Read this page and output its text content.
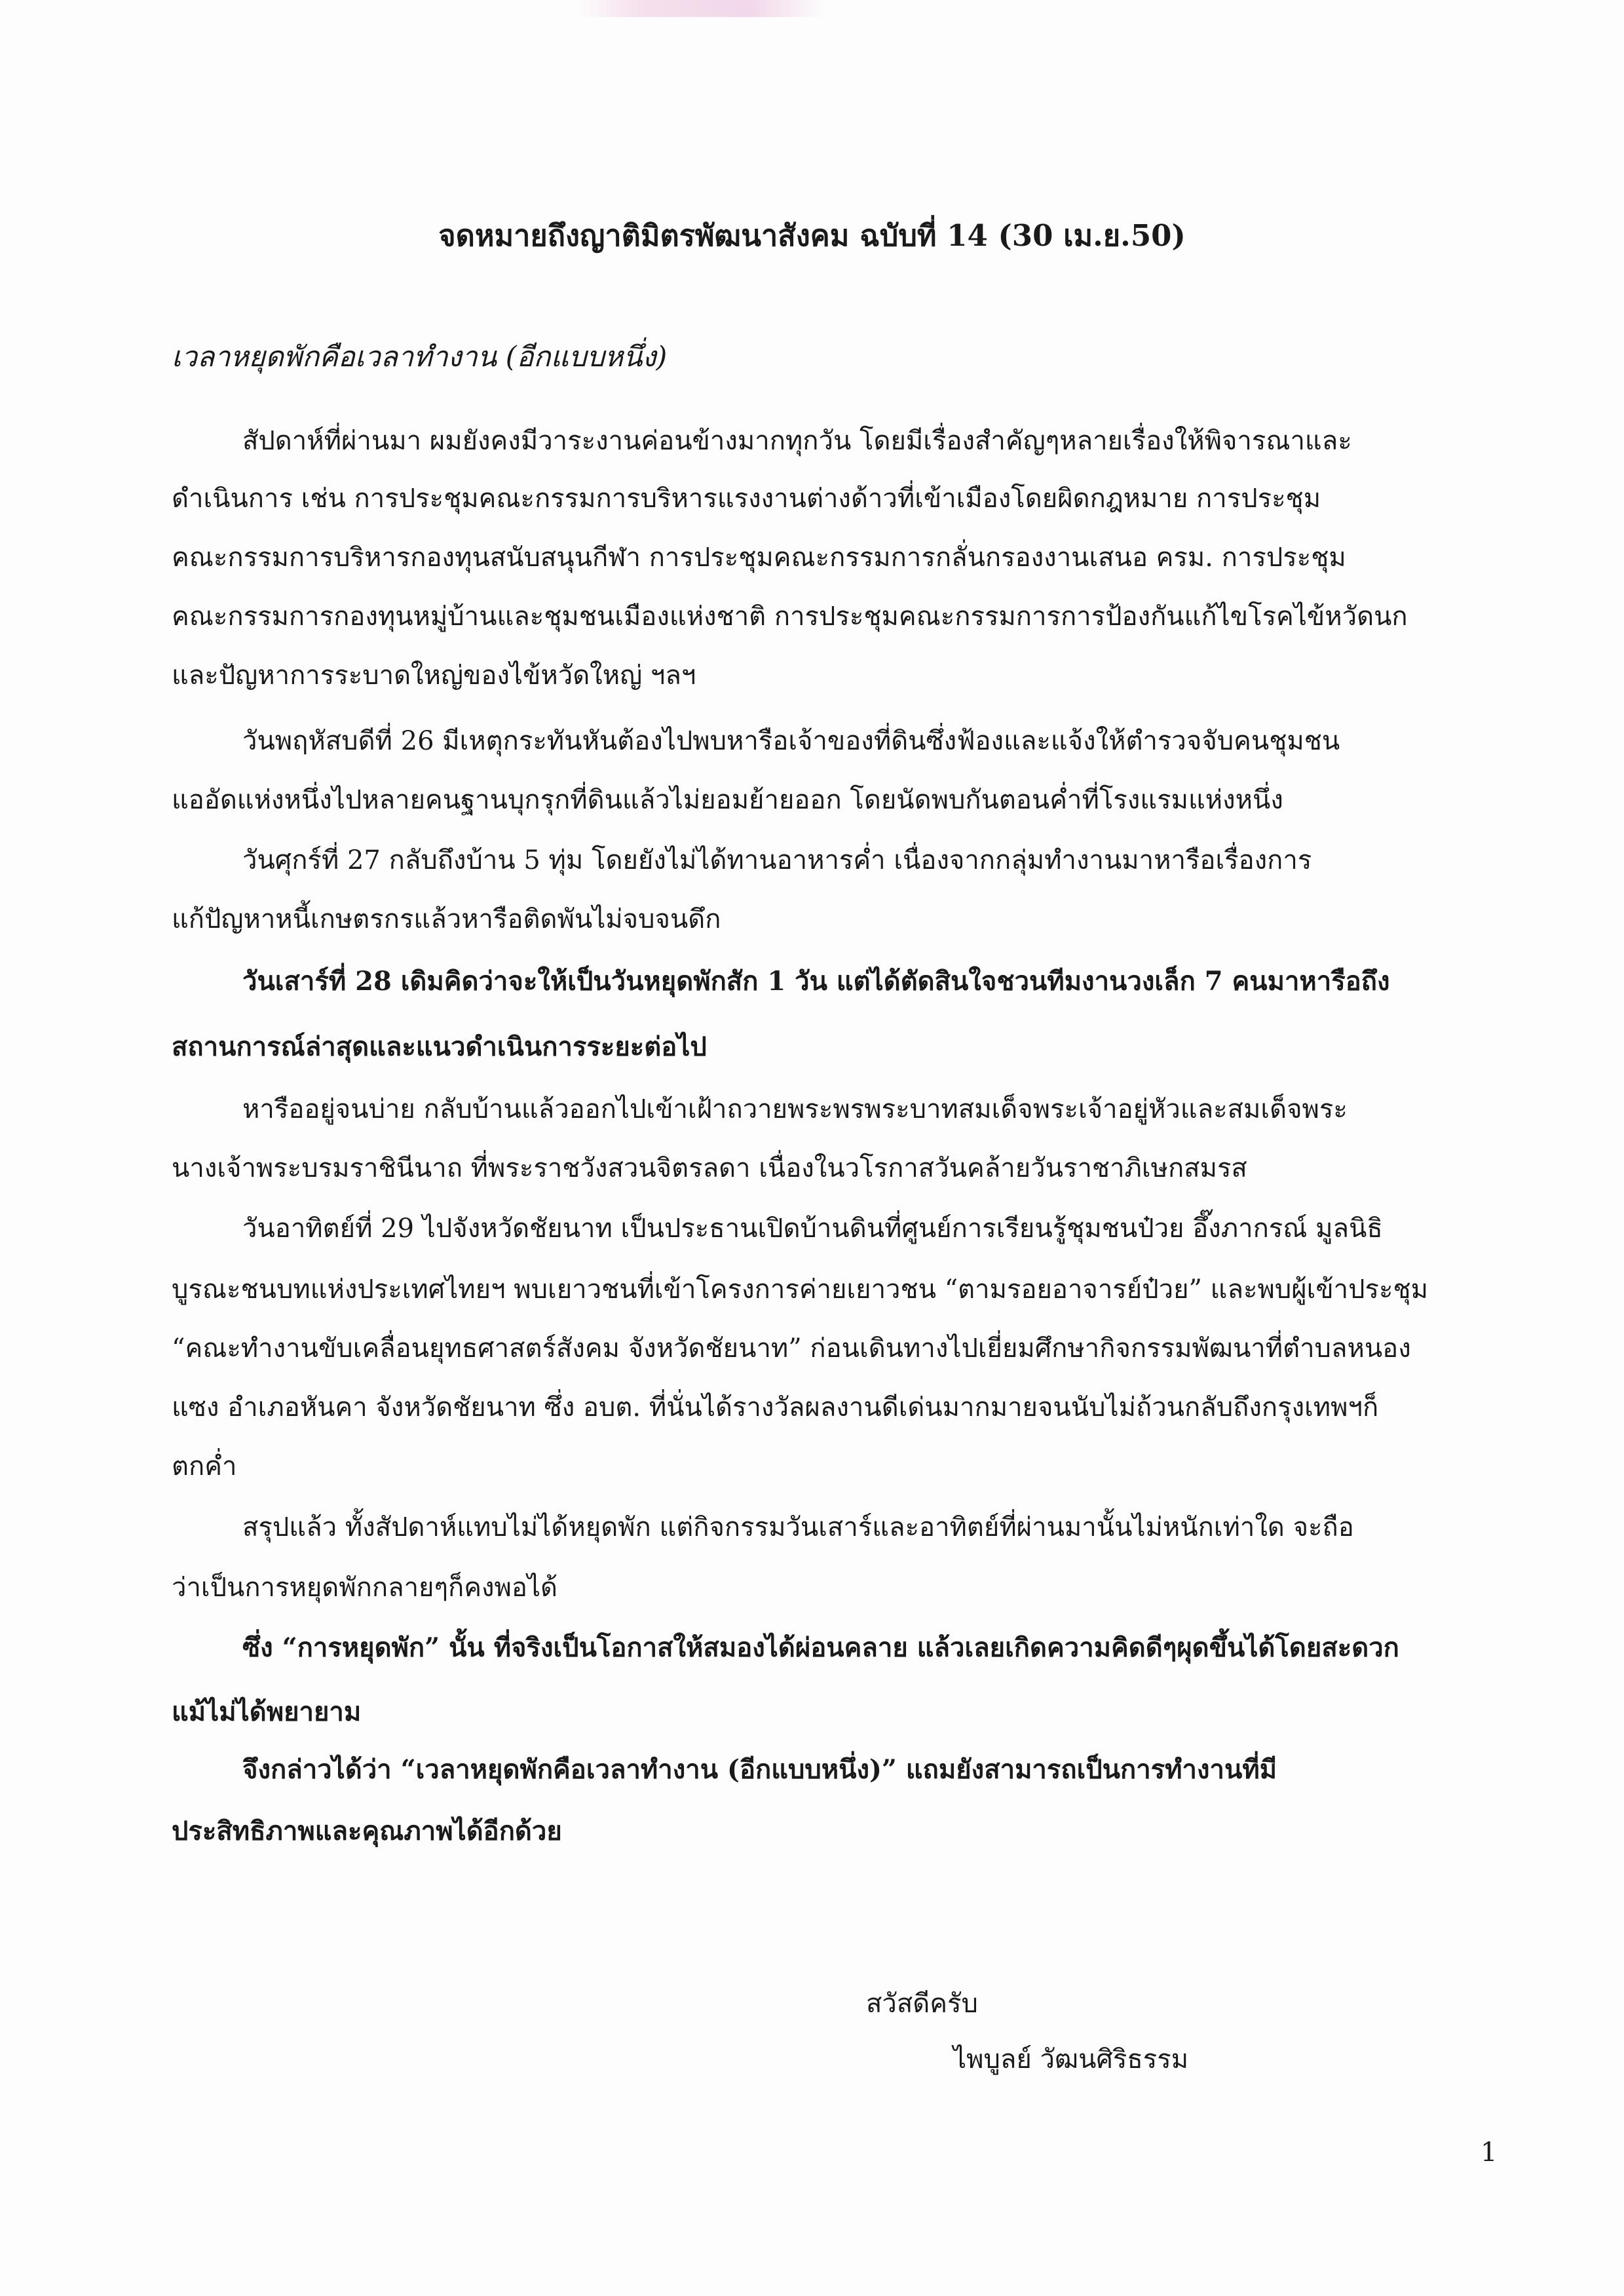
จดหมายถึงญาติมิตรพัฒนาสังคม ฉบับที่ 14 (30 เม.ย.50)
เวลาหยุดพักคือเวลาทำงาน (อีกแบบหนึ่ง)
สัปดาห์ที่ผ่านมา ผมยังคงมีวาระงานค่อนข้างมากทุกวัน โดยมีเรื่องสำคัญๆหลายเรื่องให้พิจารณาและ
ดำเนินการ เช่น การประชุมคณะกรรมการบริหารแรงงานต่างด้าวที่เข้าเมืองโดยผิดกฎหมาย การประชุม
คณะกรรมการบริหารกองทุนสนับสนุนกีฬา การประชุมคณะกรรมการกลั่นกรองงานเสนอ ครม. การประชุม
คณะกรรมการกองทุนหมู่บ้านและชุมชนเมืองแห่งชาติ การประชุมคณะกรรมการการป้องกันแก้ไขโรคไข้หวัดนก
และปัญหาการระบาดใหญ่ของไข้หวัดใหญ่ ฯลฯ
วันพฤหัสบดีที่ 26 มีเหตุกระทันหันต้องไปพบหารือเจ้าของที่ดินซึ่งฟ้องและแจ้งให้ตำรวจจับคนชุมชน
แออัดแห่งหนึ่งไปหลายคนฐานบุกรุกที่ดินแล้วไม่ยอมย้ายออก โดยนัดพบกันตอนค่ำที่โรงแรมแห่งหนึ่ง
วันศุกร์ที่ 27 กลับถึงบ้าน 5 ทุ่ม โดยยังไม่ได้ทานอาหารค่ำ เนื่องจากกลุ่มทำงานมาหารือเรื่องการ
แก้ปัญหาหนี้เกษตรกรแล้วหารือติดพันไม่จบจนดึก
วันเสาร์ที่ 28 เดิมคิดว่าจะให้เป็นวันหยุดพักสัก 1 วัน แต่ได้ตัดสินใจชวนทีมงานวงเล็ก 7 คนมาหารือถึง
สถานการณ์ล่าสุดและแนวดำเนินการระยะต่อไป
หารืออยู่จนบ่าย กลับบ้านแล้วออกไปเข้าเฝ้าถวายพระพรพระบาทสมเด็จพระเจ้าอยู่หัวและสมเด็จพระ
นางเจ้าพระบรมราชินีนาถ ที่พระราชวังสวนจิตรลดา เนื่องในวโรกาสวันคล้ายวันราชาภิเษกสมรส
วันอาทิตย์ที่ 29 ไปจังหวัดชัยนาท เป็นประธานเปิดบ้านดินที่ศูนย์การเรียนรู้ชุมชนป๋วย อึ๊งภากรณ์ มูลนิธิ
บูรณะชนบทแห่งประเทศไทยฯ พบเยาวชนที่เข้าโครงการค่ายเยาวชน “ตามรอยอาจารย์ป๋วย” และพบผู้เข้าประชุม
“คณะทำงานขับเคลื่อนยุทธศาสตร์สังคม จังหวัดชัยนาท” ก่อนเดินทางไปเยี่ยมศึกษากิจกรรมพัฒนาที่ตำบลหนอง
แซง อำเภอหันคา จังหวัดชัยนาท ซึ่ง อบต. ที่นั่นได้รางวัลผลงานดีเด่นมากมายจนนับไม่ถ้วนกลับถึงกรุงเทพฯก็
ตกค่ำ
สรุปแล้ว ทั้งสัปดาห์แทบไม่ได้หยุดพัก แต่กิจกรรมวันเสาร์และอาทิตย์ที่ผ่านมานั้นไม่หนักเท่าใด จะถือ
ว่าเป็นการหยุดพักกลายๆก็คงพอได้
ซึ่ง “การหยุดพัก” นั้น ที่จริงเป็นโอกาสให้สมองได้ผ่อนคลาย แล้วเลยเกิดความคิดดีๆผุดขึ้นได้โดยสะดวก
แม้ไม่ได้พยายาม
จึงกล่าวได้ว่า “เวลาหยุดพักคือเวลาทำงาน (อีกแบบหนึ่ง)” แถมยังสามารถเป็นการทำงานที่มี
ประสิทธิภาพและคุณภาพได้อีกด้วย
สวัสดีครับ
ไพบูลย์ วัฒนศิริธรรม
1
